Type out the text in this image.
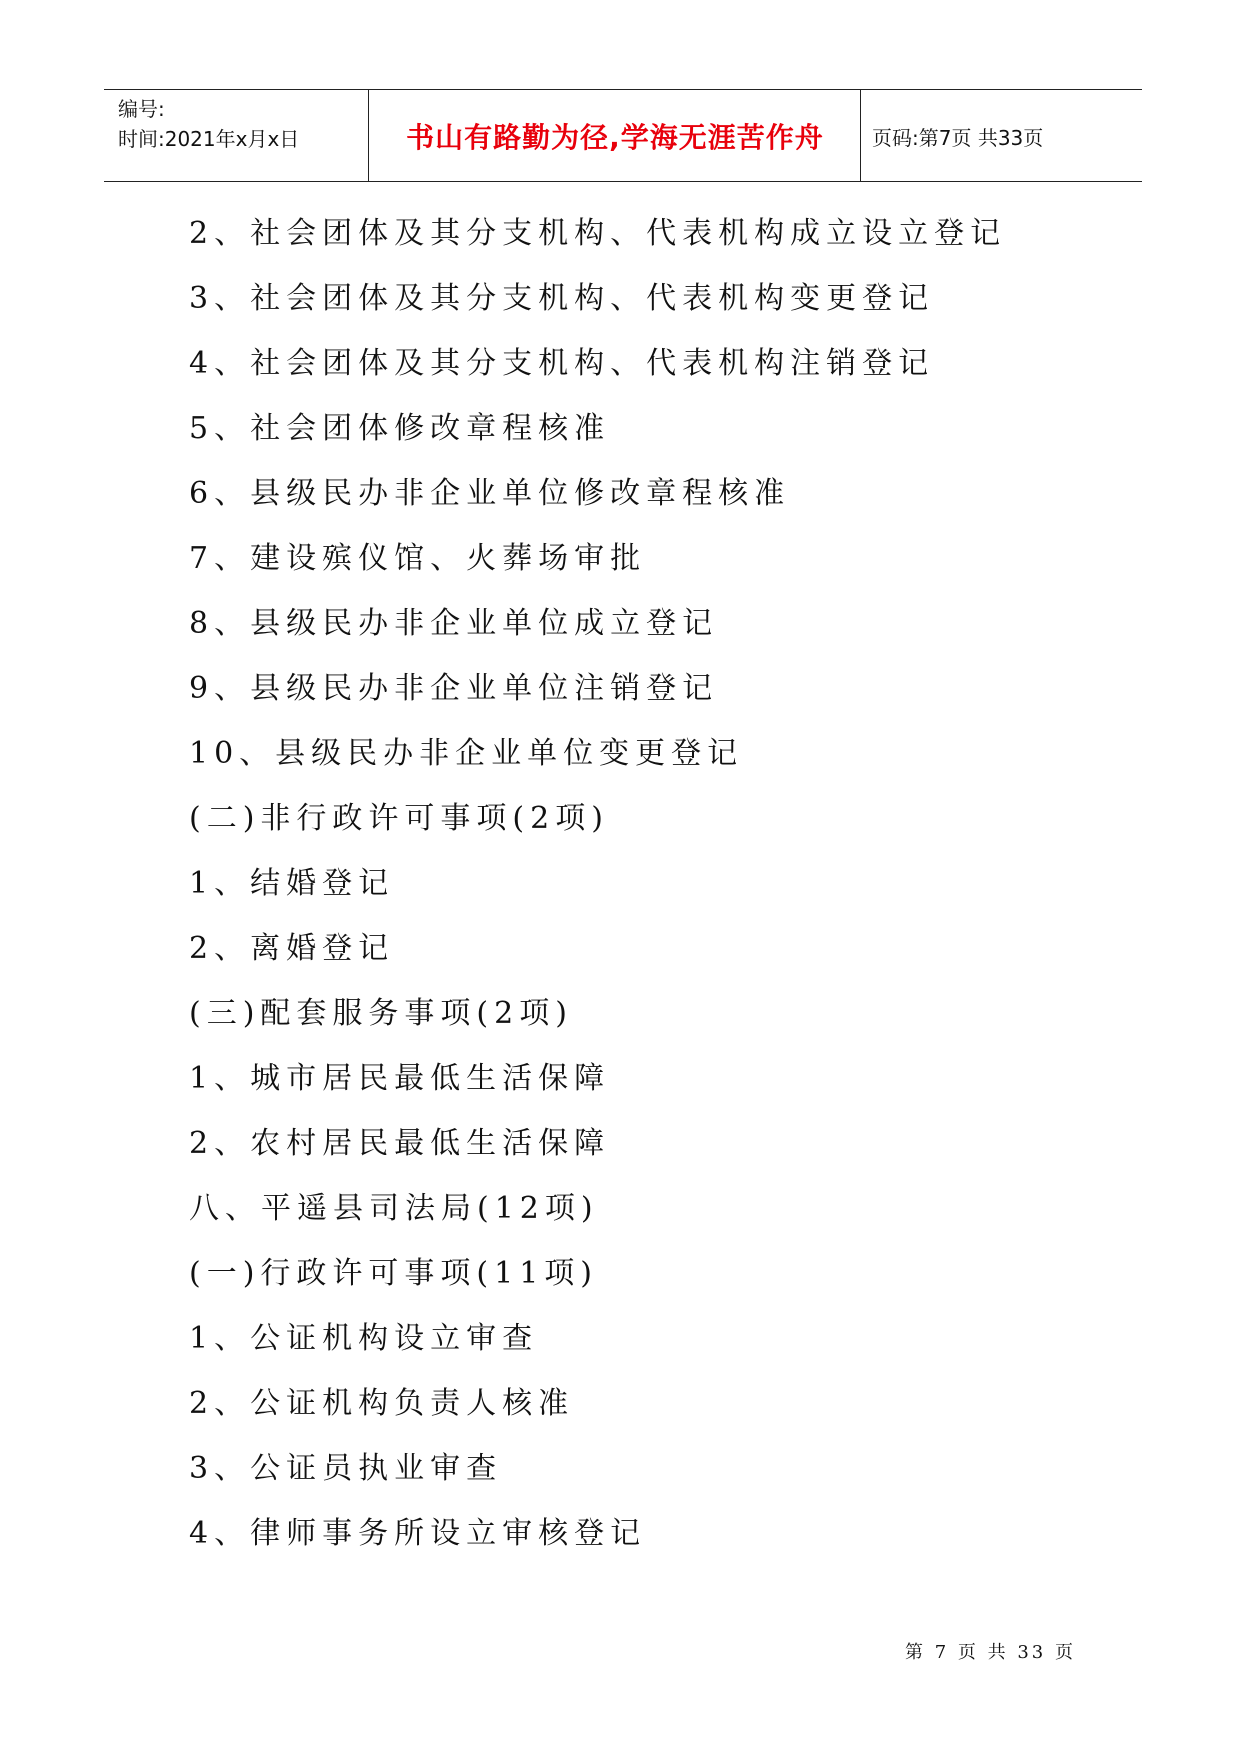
编号:
时间:2021年x月x日	书山有路勤为径,学海无涯苦作舟	页码:第7页 共33页
2、社会团体及其分支机构、代表机构成立设立登记
3、社会团体及其分支机构、代表机构变更登记
4、社会团体及其分支机构、代表机构注销登记
5、社会团体修改章程核准
6、县级民办非企业单位修改章程核准
7、建设殡仪馆、火葬场审批
8、县级民办非企业单位成立登记
9、县级民办非企业单位注销登记
10、县级民办非企业单位变更登记
(二)非行政许可事项(2项)
1、结婚登记
2、离婚登记
(三)配套服务事项(2项)
1、城市居民最低生活保障
2、农村居民最低生活保障
八、平遥县司法局(12项)
(一)行政许可事项(11项)
1、公证机构设立审查
2、公证机构负责人核准
3、公证员执业审查
4、律师事务所设立审核登记
第 7 页 共 33 页
